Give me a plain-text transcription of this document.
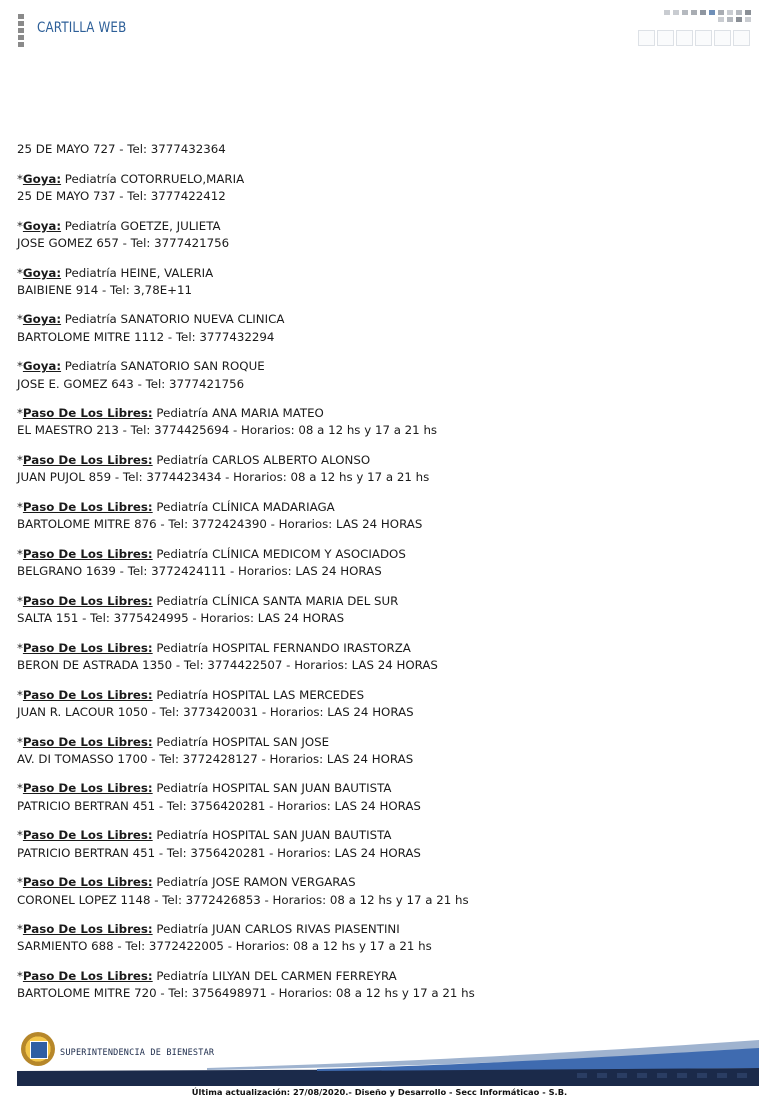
CARTILLA WEB
25 DE MAYO 727 - Tel: 3777432364
*Goya: Pediatría COTORRUELO,MARIA
25 DE MAYO 737 - Tel: 3777422412
*Goya: Pediatría GOETZE, JULIETA
JOSE GOMEZ 657 - Tel: 3777421756
*Goya: Pediatría HEINE, VALERIA
BAIBIENE 914 - Tel: 3,78E+11
*Goya: Pediatría SANATORIO NUEVA CLINICA
BARTOLOME MITRE 1112 - Tel: 3777432294
*Goya: Pediatría SANATORIO SAN ROQUE
JOSE E. GOMEZ 643 - Tel: 3777421756
*Paso De Los Libres: Pediatría ANA MARIA MATEO
EL MAESTRO 213 - Tel: 3774425694 - Horarios: 08 a 12 hs y 17 a 21 hs
*Paso De Los Libres: Pediatría CARLOS ALBERTO ALONSO
JUAN PUJOL 859 - Tel: 3774423434 - Horarios: 08 a 12 hs y 17 a 21 hs
*Paso De Los Libres: Pediatría CLÍNICA MADARIAGA
BARTOLOME MITRE 876 - Tel: 3772424390 - Horarios: LAS 24 HORAS
*Paso De Los Libres: Pediatría CLÍNICA MEDICOM Y ASOCIADOS
BELGRANO 1639 - Tel: 3772424111 - Horarios: LAS 24 HORAS
*Paso De Los Libres: Pediatría CLÍNICA SANTA MARIA DEL SUR
SALTA 151 - Tel: 3775424995 - Horarios: LAS 24 HORAS
*Paso De Los Libres: Pediatría HOSPITAL FERNANDO IRASTORZA
BERON DE ASTRADA 1350 - Tel: 3774422507 - Horarios: LAS 24 HORAS
*Paso De Los Libres: Pediatría HOSPITAL LAS MERCEDES
JUAN R. LACOUR 1050 - Tel: 3773420031 - Horarios: LAS 24 HORAS
*Paso De Los Libres: Pediatría HOSPITAL SAN JOSE
AV. DI TOMASSO 1700 - Tel: 3772428127 - Horarios: LAS 24 HORAS
*Paso De Los Libres: Pediatría HOSPITAL SAN JUAN BAUTISTA
PATRICIO BERTRAN 451 - Tel: 3756420281 - Horarios: LAS 24 HORAS
*Paso De Los Libres: Pediatría HOSPITAL SAN JUAN BAUTISTA
PATRICIO BERTRAN 451 - Tel: 3756420281 - Horarios: LAS 24 HORAS
*Paso De Los Libres: Pediatría JOSE RAMON VERGARAS
CORONEL LOPEZ 1148 - Tel: 3772426853 - Horarios: 08 a 12 hs y 17 a 21 hs
*Paso De Los Libres: Pediatría JUAN CARLOS RIVAS PIASENTINI
SARMIENTO 688 - Tel: 3772422005 - Horarios: 08 a 12 hs y 17 a 21 hs
*Paso De Los Libres: Pediatría LILYAN DEL CARMEN FERREYRA
BARTOLOME MITRE 720 - Tel: 3756498971 - Horarios: 08 a 12 hs y 17 a 21 hs
SUPERINTENDENCIA DE BIENESTAR
Última actualización: 27/08/2020.- Diseño y Desarrollo - Secc Informáticao - S.B.
